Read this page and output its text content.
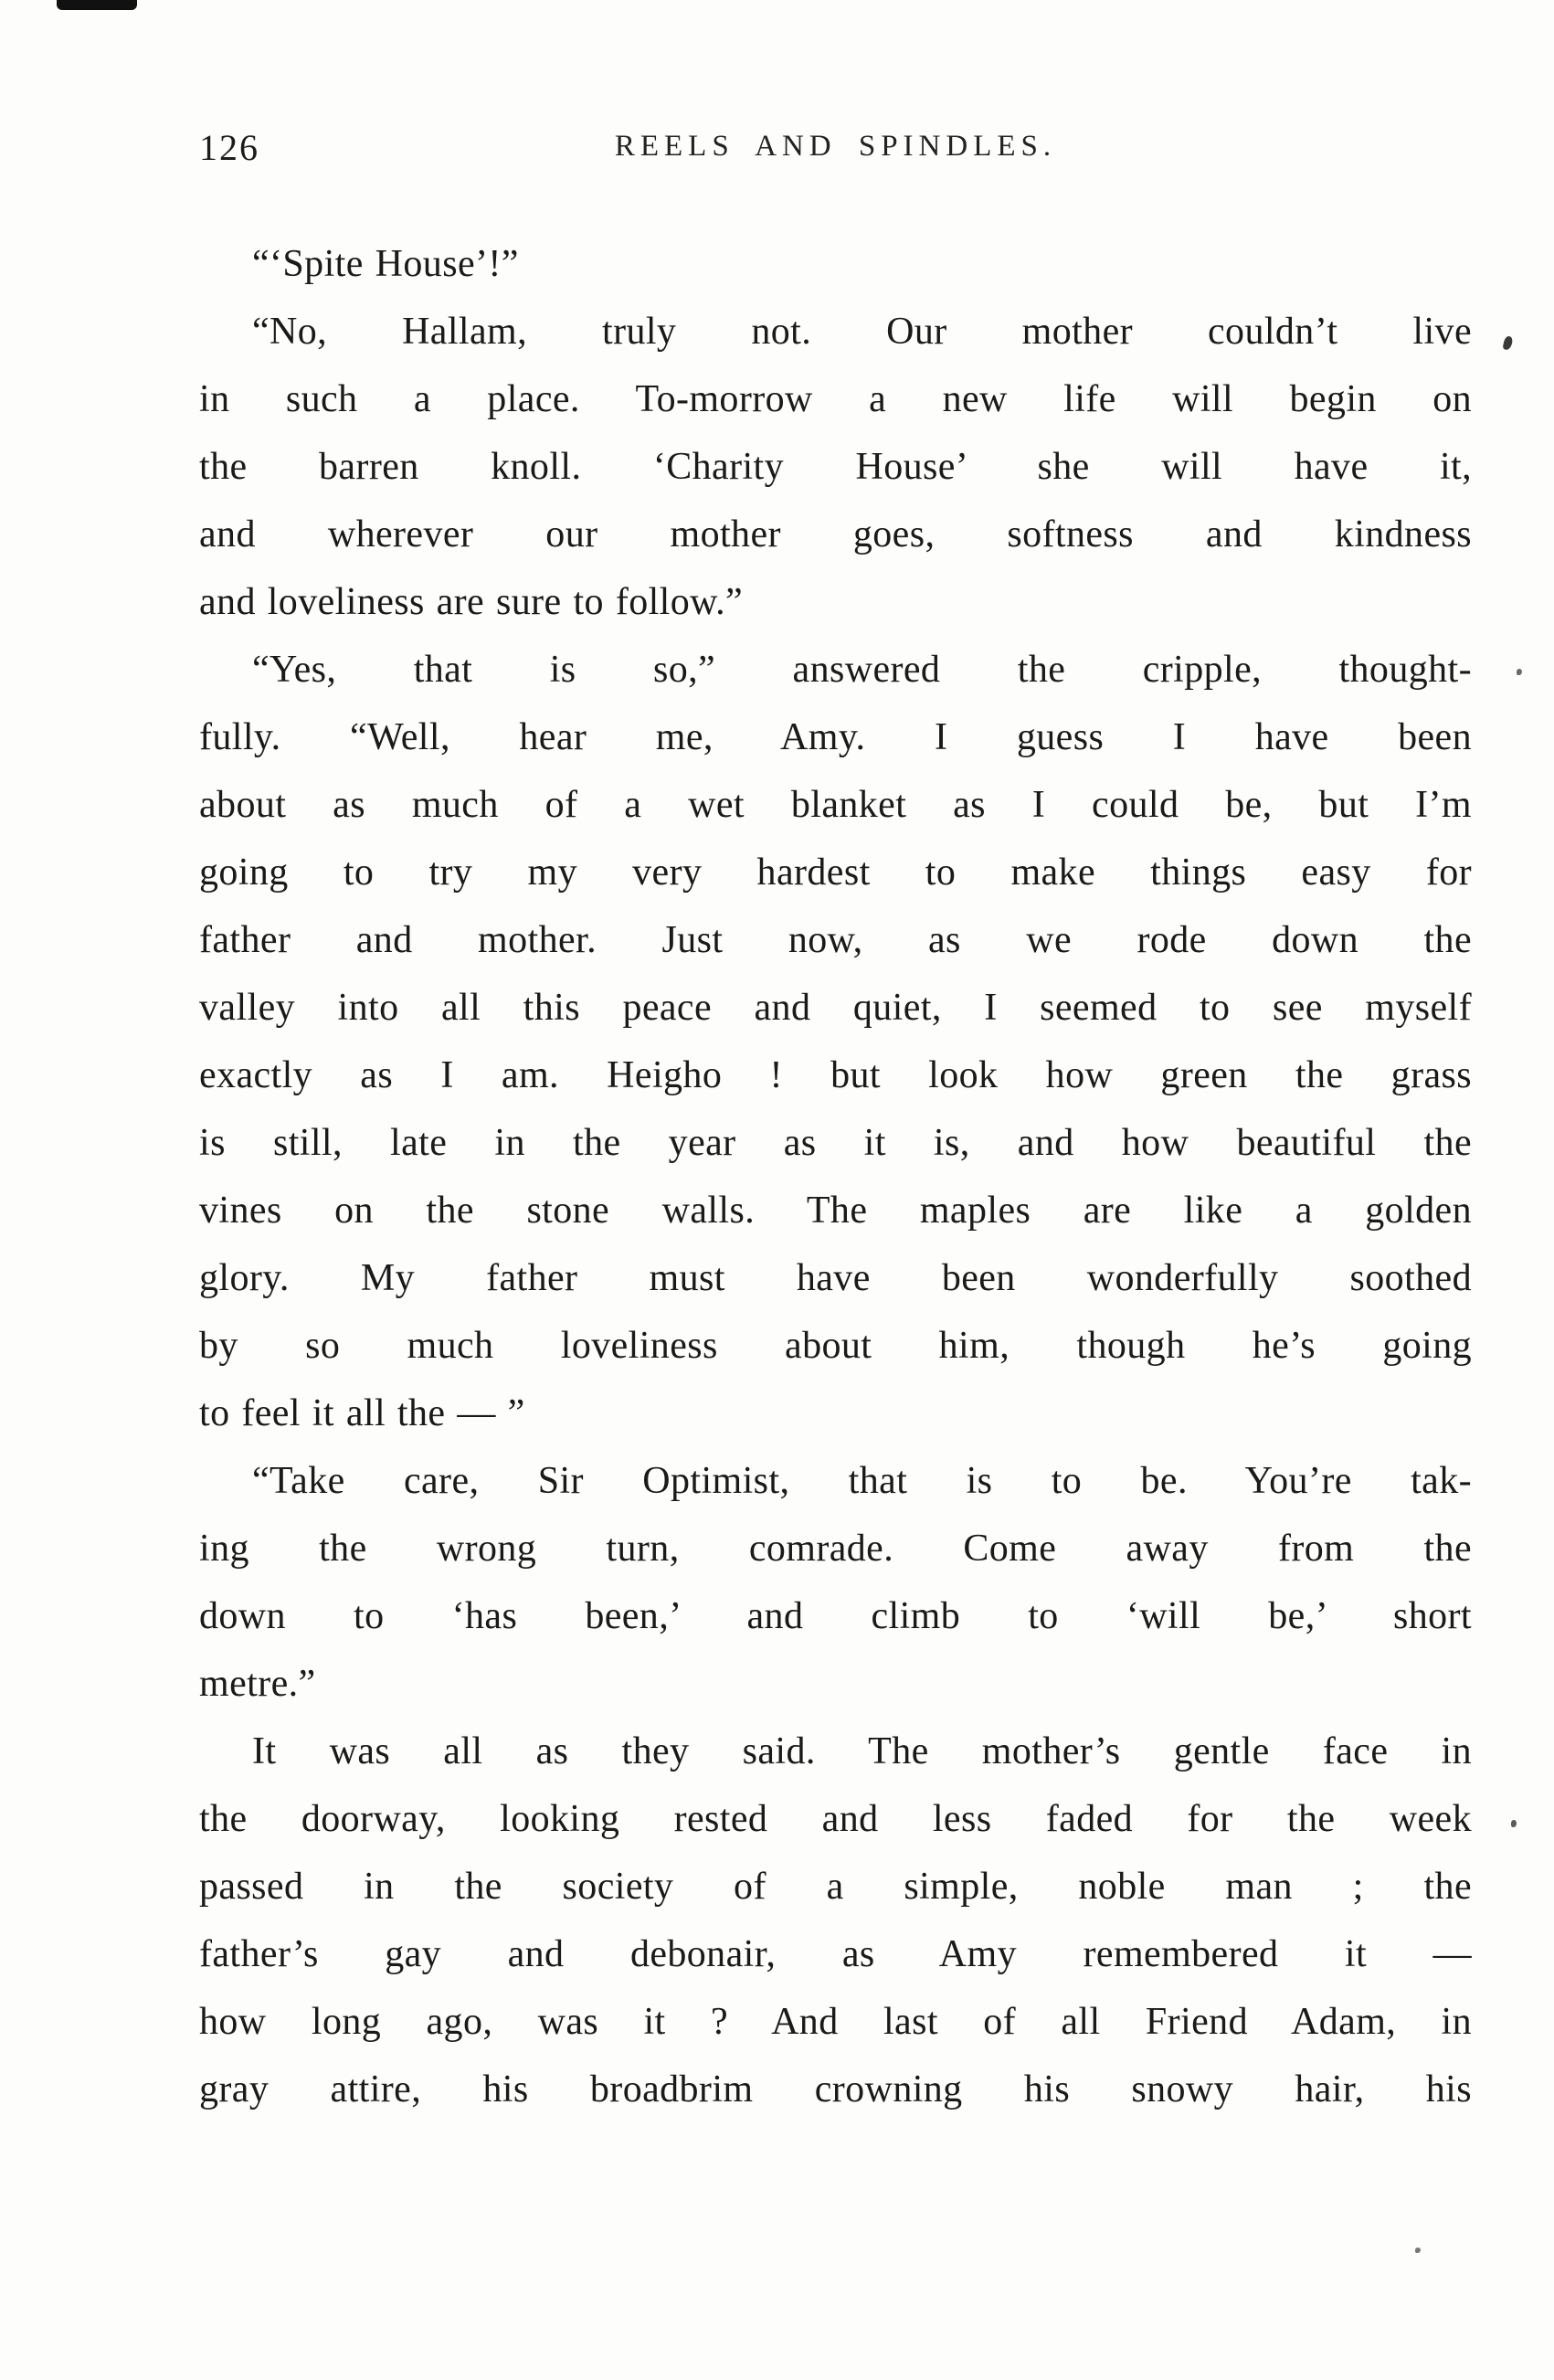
126	REELS AND SPINDLES.
“‘Spite House’!”
“No, Hallam, truly not. Our mother couldn’t live
in such a place. To-morrow a new life will begin on
the barren knoll. ‘Charity House’ she will have it,
and wherever our mother goes, softness and kindness
and loveliness are sure to follow.”
“Yes, that is so,” answered the cripple, thought-
fully. “Well, hear me, Amy. I guess I have been
about as much of a wet blanket as I could be, but I’m
going to try my very hardest to make things easy for
father and mother. Just now, as we rode down the
valley into all this peace and quiet, I seemed to see myself
exactly as I am. Heigho ! but look how green the grass
is still, late in the year as it is, and how beautiful the
vines on the stone walls. The maples are like a golden
glory. My father must have been wonderfully soothed
by so much loveliness about him, though he’s going
to feel it all the — ”
“Take care, Sir Optimist, that is to be. You’re tak-
ing the wrong turn, comrade. Come away from the
down to ‘has been,’ and climb to ‘will be,’ short
metre.”
It was all as they said. The mother’s gentle face in
the doorway, looking rested and less faded for the week
passed in the society of a simple, noble man ; the
father’s gay and debonair, as Amy remembered it —
how long ago, was it ? And last of all Friend Adam, in
gray attire, his broadbrim crowning his snowy hair, his
